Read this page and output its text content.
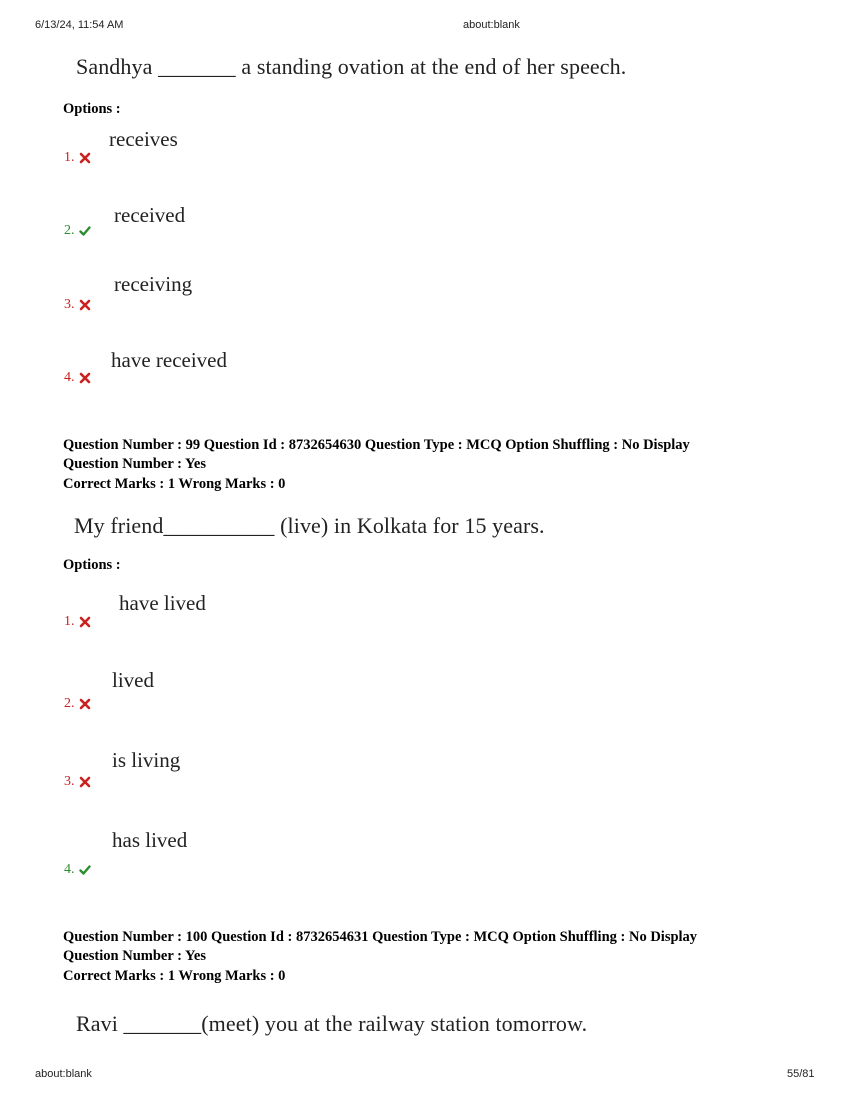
6/13/24, 11:54 AM	about:blank
Sandhya _______ a standing ovation at the end of her speech.
Options :
1.
receives
2.
received
3.
receiving
4.
have received
Question Number : 99 Question Id : 8732654630 Question Type : MCQ Option Shuffling : No Display
Question Number : Yes
Correct Marks : 1 Wrong Marks : 0
My friend__________ (live) in Kolkata for 15 years.
Options :
1.
have lived
2.
lived
3.
is living
4.
has lived
Question Number : 100 Question Id : 8732654631 Question Type : MCQ Option Shuffling : No Display
Question Number : Yes
Correct Marks : 1 Wrong Marks : 0
Ravi _______(meet) you at the railway station tomorrow.
about:blank	55/81
